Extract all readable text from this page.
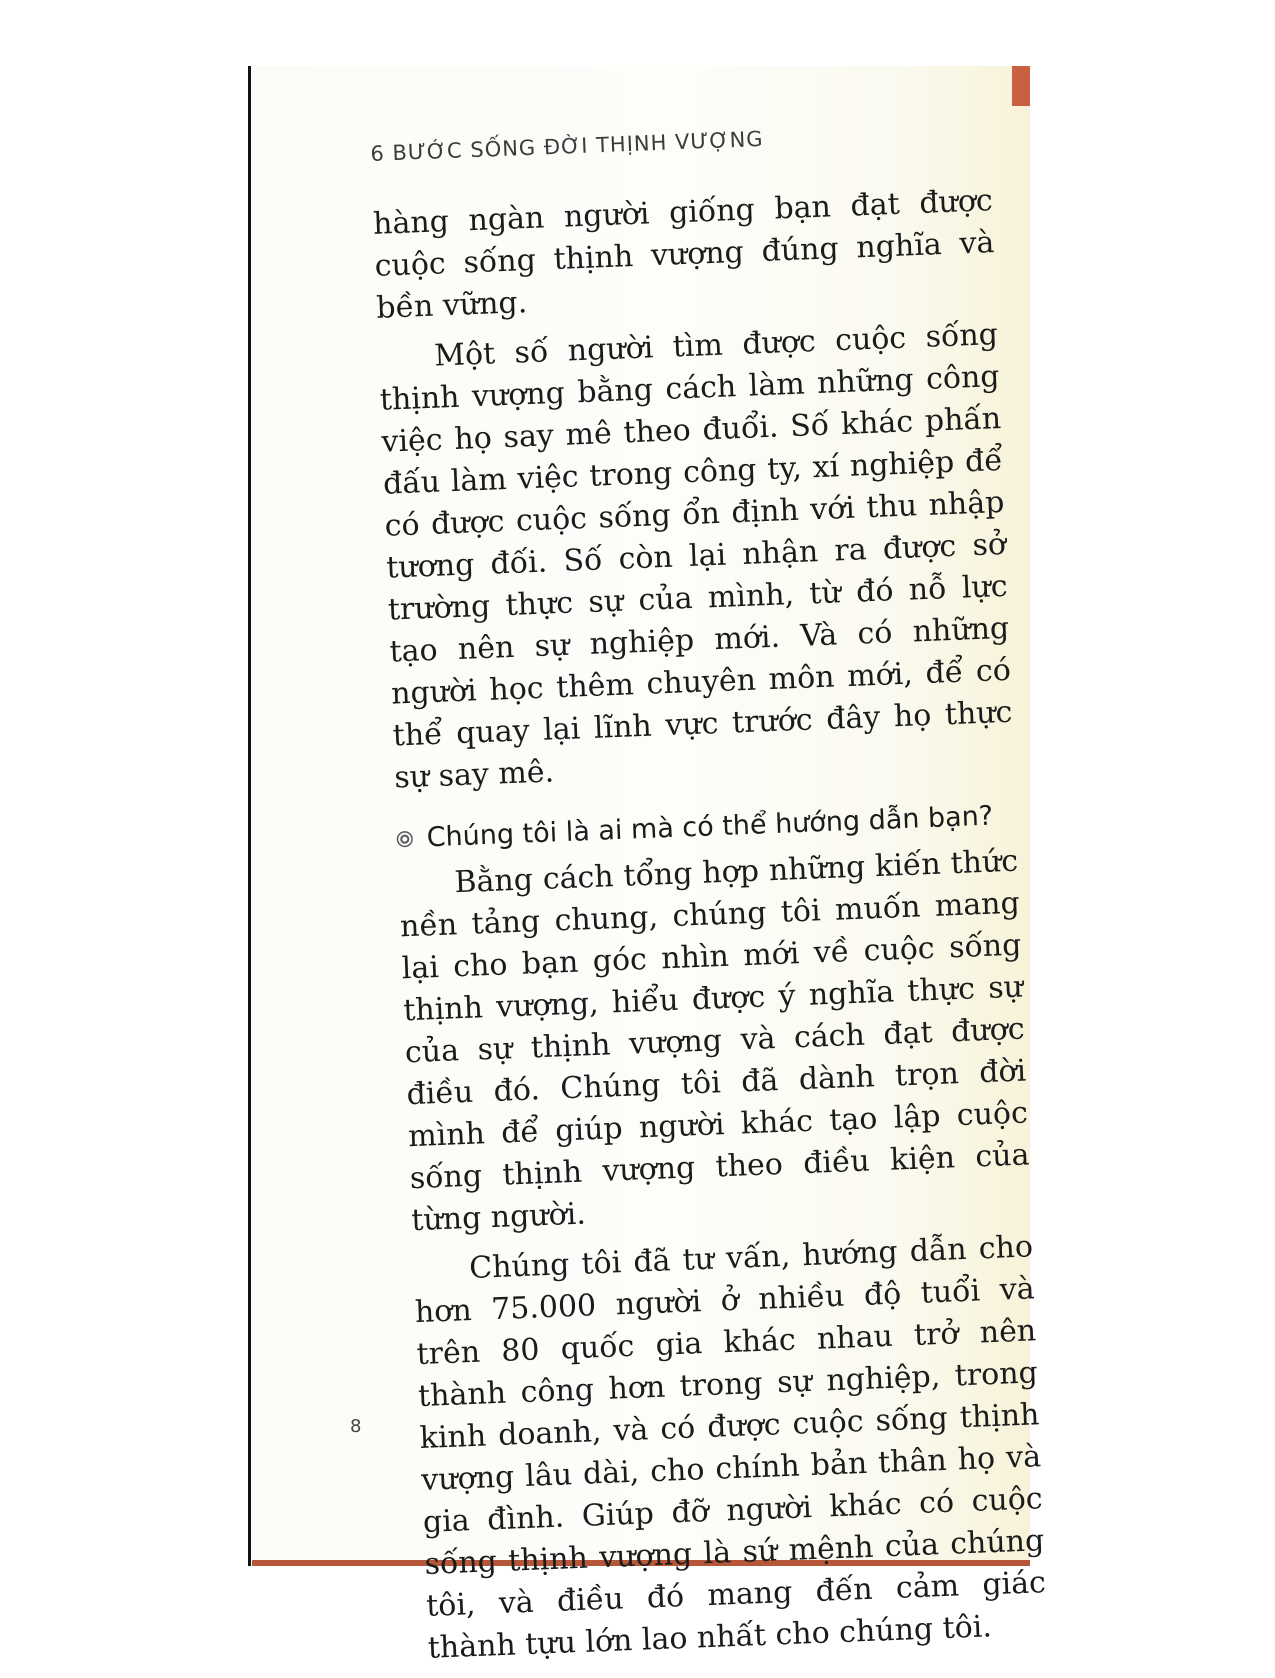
6 BƯỚC SỐNG ĐỜI THỊNH VƯỢNG

hàng ngàn người giống bạn đạt được cuộc sống thịnh vượng đúng nghĩa và bền vững.

Một số người tìm được cuộc sống thịnh vượng bằng cách làm những công việc họ say mê theo đuổi. Số khác phấn đấu làm việc trong công ty, xí nghiệp để có được cuộc sống ổn định với thu nhập tương đối. Số còn lại nhận ra được sở trường thực sự của mình, từ đó nỗ lực tạo nên sự nghiệp mới. Và có những người học thêm chuyên môn mới, để có thể quay lại lĩnh vực trước đây họ thực sự say mê.

Chúng tôi là ai mà có thể hướng dẫn bạn?

Bằng cách tổng hợp những kiến thức nền tảng chung, chúng tôi muốn mang lại cho bạn góc nhìn mới về cuộc sống thịnh vượng, hiểu được ý nghĩa thực sự của sự thịnh vượng và cách đạt được điều đó. Chúng tôi đã dành trọn đời mình để giúp người khác tạo lập cuộc sống thịnh vượng theo điều kiện của từng người.

Chúng tôi đã tư vấn, hướng dẫn cho hơn 75.000 người ở nhiều độ tuổi và trên 80 quốc gia khác nhau trở nên thành công hơn trong sự nghiệp, trong kinh doanh, và có được cuộc sống thịnh vượng lâu dài, cho chính bản thân họ và gia đình. Giúp đỡ người khác có cuộc sống thịnh vượng là sứ mệnh của chúng tôi, và điều đó mang đến cảm giác thành tựu lớn lao nhất cho chúng tôi.

8
